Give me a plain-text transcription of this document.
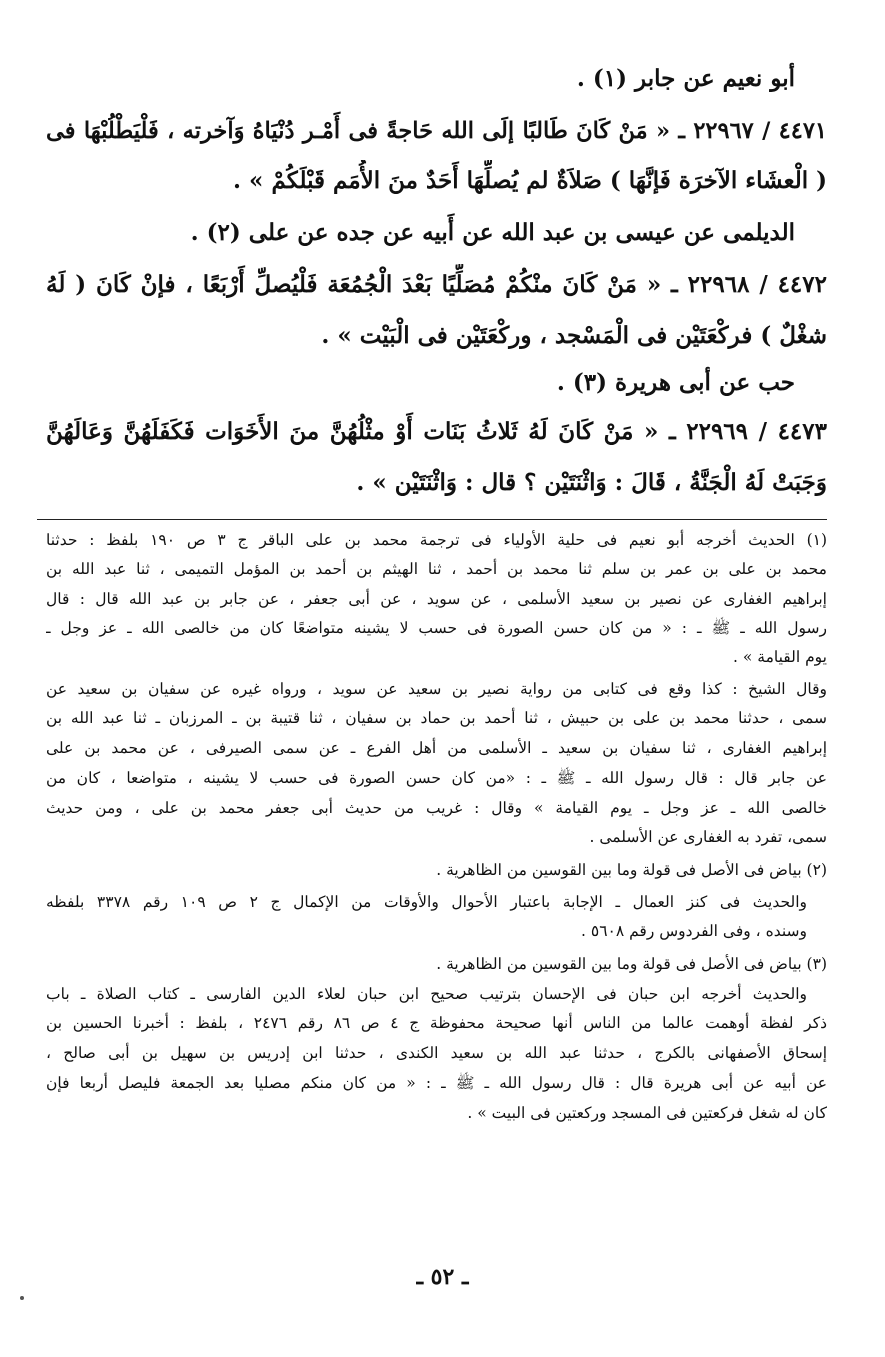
أبو نعيم عن جابر (١) .
٤٤٧١ / ٢٢٩٦٧ ـ « مَنْ كَانَ طَالبًا إلَى الله حَاجةً فى أَمْـر دُنْيَاهُ وَآخرته ، فَلْيَطْلُبْهَا فى
( الْعشَاء الآخرَة فَإنَّهَا ) صَلاَةٌ لم يُصلِّهَا أَحَدٌ منَ الأُمَم قَبْلَكُمْ » .
الديلمى عن عيسى بن عبد الله عن أَبيه عن جده عن على (٢) .
٤٤٧٢ / ٢٢٩٦٨ ـ « مَنْ كَانَ منْكُمْ مُصَلِّيًا بَعْدَ الْجُمُعَة فَلْيُصلِّ أَرْبَعًا ، فإنْ كَانَ ( لَهُ
شغْلٌ ) فركْعَتَيْن فى الْمَسْجد ، وركْعَتَيْن فى الْبَيْت » .
حب عن أبى هريرة (٣) .
٤٤٧٣ / ٢٢٩٦٩ ـ « مَنْ كَانَ لَهُ ثَلاثُ بَنَات أَوْ مثْلُهُنَّ منَ الأَخَوَات فَكَفَلَهُنَّ وَعَالَهُنَّ
وَجَبَتْ لَهُ الْجَنَّةُ ، قَالَ : وَاثْنَتَيْن ؟ قال : وَاثْنَتَيْن » .
(١) الحديث أخرجه أبو نعيم فى حلية الأولياء فى ترجمة محمد بن على الباقر ج ٣ ص ١٩٠ بلفظ : حدثنا
محمد بن على بن عمر بن سلم ثنا محمد بن أحمد ، ثنا الهيثم بن أحمد بن المؤمل التميمى ، ثنا عبد الله بن
إبراهيم الغفارى عن نصير بن سعيد الأسلمى ، عن سويد ، عن أبى جعفر ، عن جابر بن عبد الله قال : قال
رسول الله ـ ﷺ ـ : « من كان حسن الصورة فى حسب لا يشينه متواضعًا كان من خالصى الله ـ عز وجل ـ
يوم القيامة » .
وقال الشيخ : كذا وقع فى كتابى من رواية نصير بن سعيد عن سويد ، ورواه غيره عن سفيان بن سعيد عن
سمى ، حدثنا محمد بن على بن حبيش ، ثنا أحمد بن حماد بن سفيان ، ثنا قتيبة بن ـ المرزبان ـ ثنا عبد الله بن
إبراهيم الغفارى ، ثنا سفيان بن سعيد ـ الأسلمى من أهل الفرع ـ عن سمى الصيرفى ، عن محمد بن على
عن جابر قال : قال رسول الله ـ ﷺ ـ : «من كان حسن الصورة فى حسب لا يشينه ، متواضعا ، كان من
خالصى الله ـ عز وجل ـ يوم القيامة » وقال : غريب من حديث أبى جعفر محمد بن على ، ومن حديث
سمى، تفرد به الغفارى عن الأسلمى .
(٢) بياض فى الأصل فى قولة وما بين القوسين من الظاهرية .
والحديث فى كنز العمال ـ الإجابة باعتبار الأحوال والأوقات من الإكمال ج ٢ ص ١٠٩ رقم ٣٣٧٨ بلفظه
وسنده ، وفى الفردوس رقم ٥٦٠٨ .
(٣) بياض فى الأصل فى قولة وما بين القوسين من الظاهرية .
والحديث أخرجه ابن حبان فى الإحسان بترتيب صحيح ابن حبان لعلاء الدين الفارسى ـ كتاب الصلاة ـ باب
ذكر لفظة أوهمت عالما من الناس أنها صحيحة محفوظة ج ٤ ص ٨٦ رقم ٢٤٧٦ ، بلفظ : أخبرنا الحسين بن
إسحاق الأصفهانى بالكرج ، حدثنا عبد الله بن سعيد الكندى ، حدثنا ابن إدريس بن سهيل بن أبى صالح ،
عن أبيه عن أبى هريرة قال : قال رسول الله ـ ﷺ ـ : « من كان منكم مصليا بعد الجمعة فليصل أربعا فإن
كان له شغل فركعتين فى المسجد وركعتين فى البيت » .
ـ ٥٢ ـ
